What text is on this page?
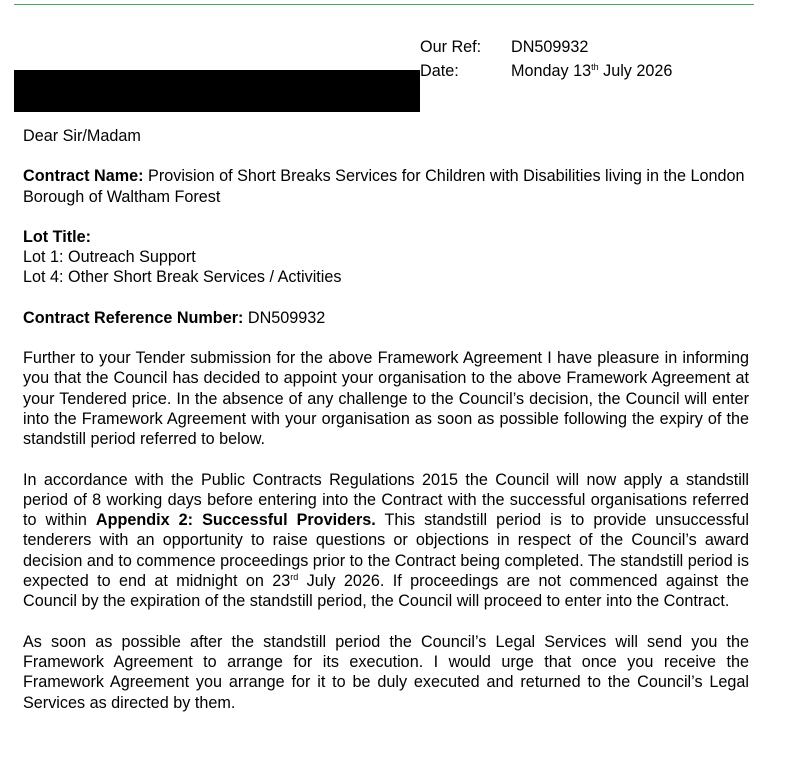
Our Ref: DN509932
Date:	Monday 13th July 2026

Dear Sir/Madam

Contract Name: Provision of Short Breaks Services for Children with Disabilities living in the London Borough of Waltham Forest

Lot Title:
Lot 1: Outreach Support
Lot 4: Other Short Break Services / Activities

Contract Reference Number: DN509932

Further to your Tender submission for the above Framework Agreement I have pleasure in informing you that the Council has decided to appoint your organisation to the above Framework Agreement at your Tendered price. In the absence of any challenge to the Council’s decision, the Council will enter into the Framework Agreement with your organisation as soon as possible following the expiry of the standstill period referred to below.

In accordance with the Public Contracts Regulations 2015 the Council will now apply a standstill period of 8 working days before entering into the Contract with the successful organisations referred to within Appendix 2: Successful Providers. This standstill period is to provide unsuccessful tenderers with an opportunity to raise questions or objections in respect of the Council’s award decision and to commence proceedings prior to the Contract being completed. The standstill period is expected to end at midnight on 23rd July 2026. If proceedings are not commenced against the Council by the expiration of the standstill period, the Council will proceed to enter into the Contract.

As soon as possible after the standstill period the Council’s Legal Services will send you the Framework Agreement to arrange for its execution. I would urge that once you receive the Framework Agreement you arrange for it to be duly executed and returned to the Council’s Legal Services as directed by them.
